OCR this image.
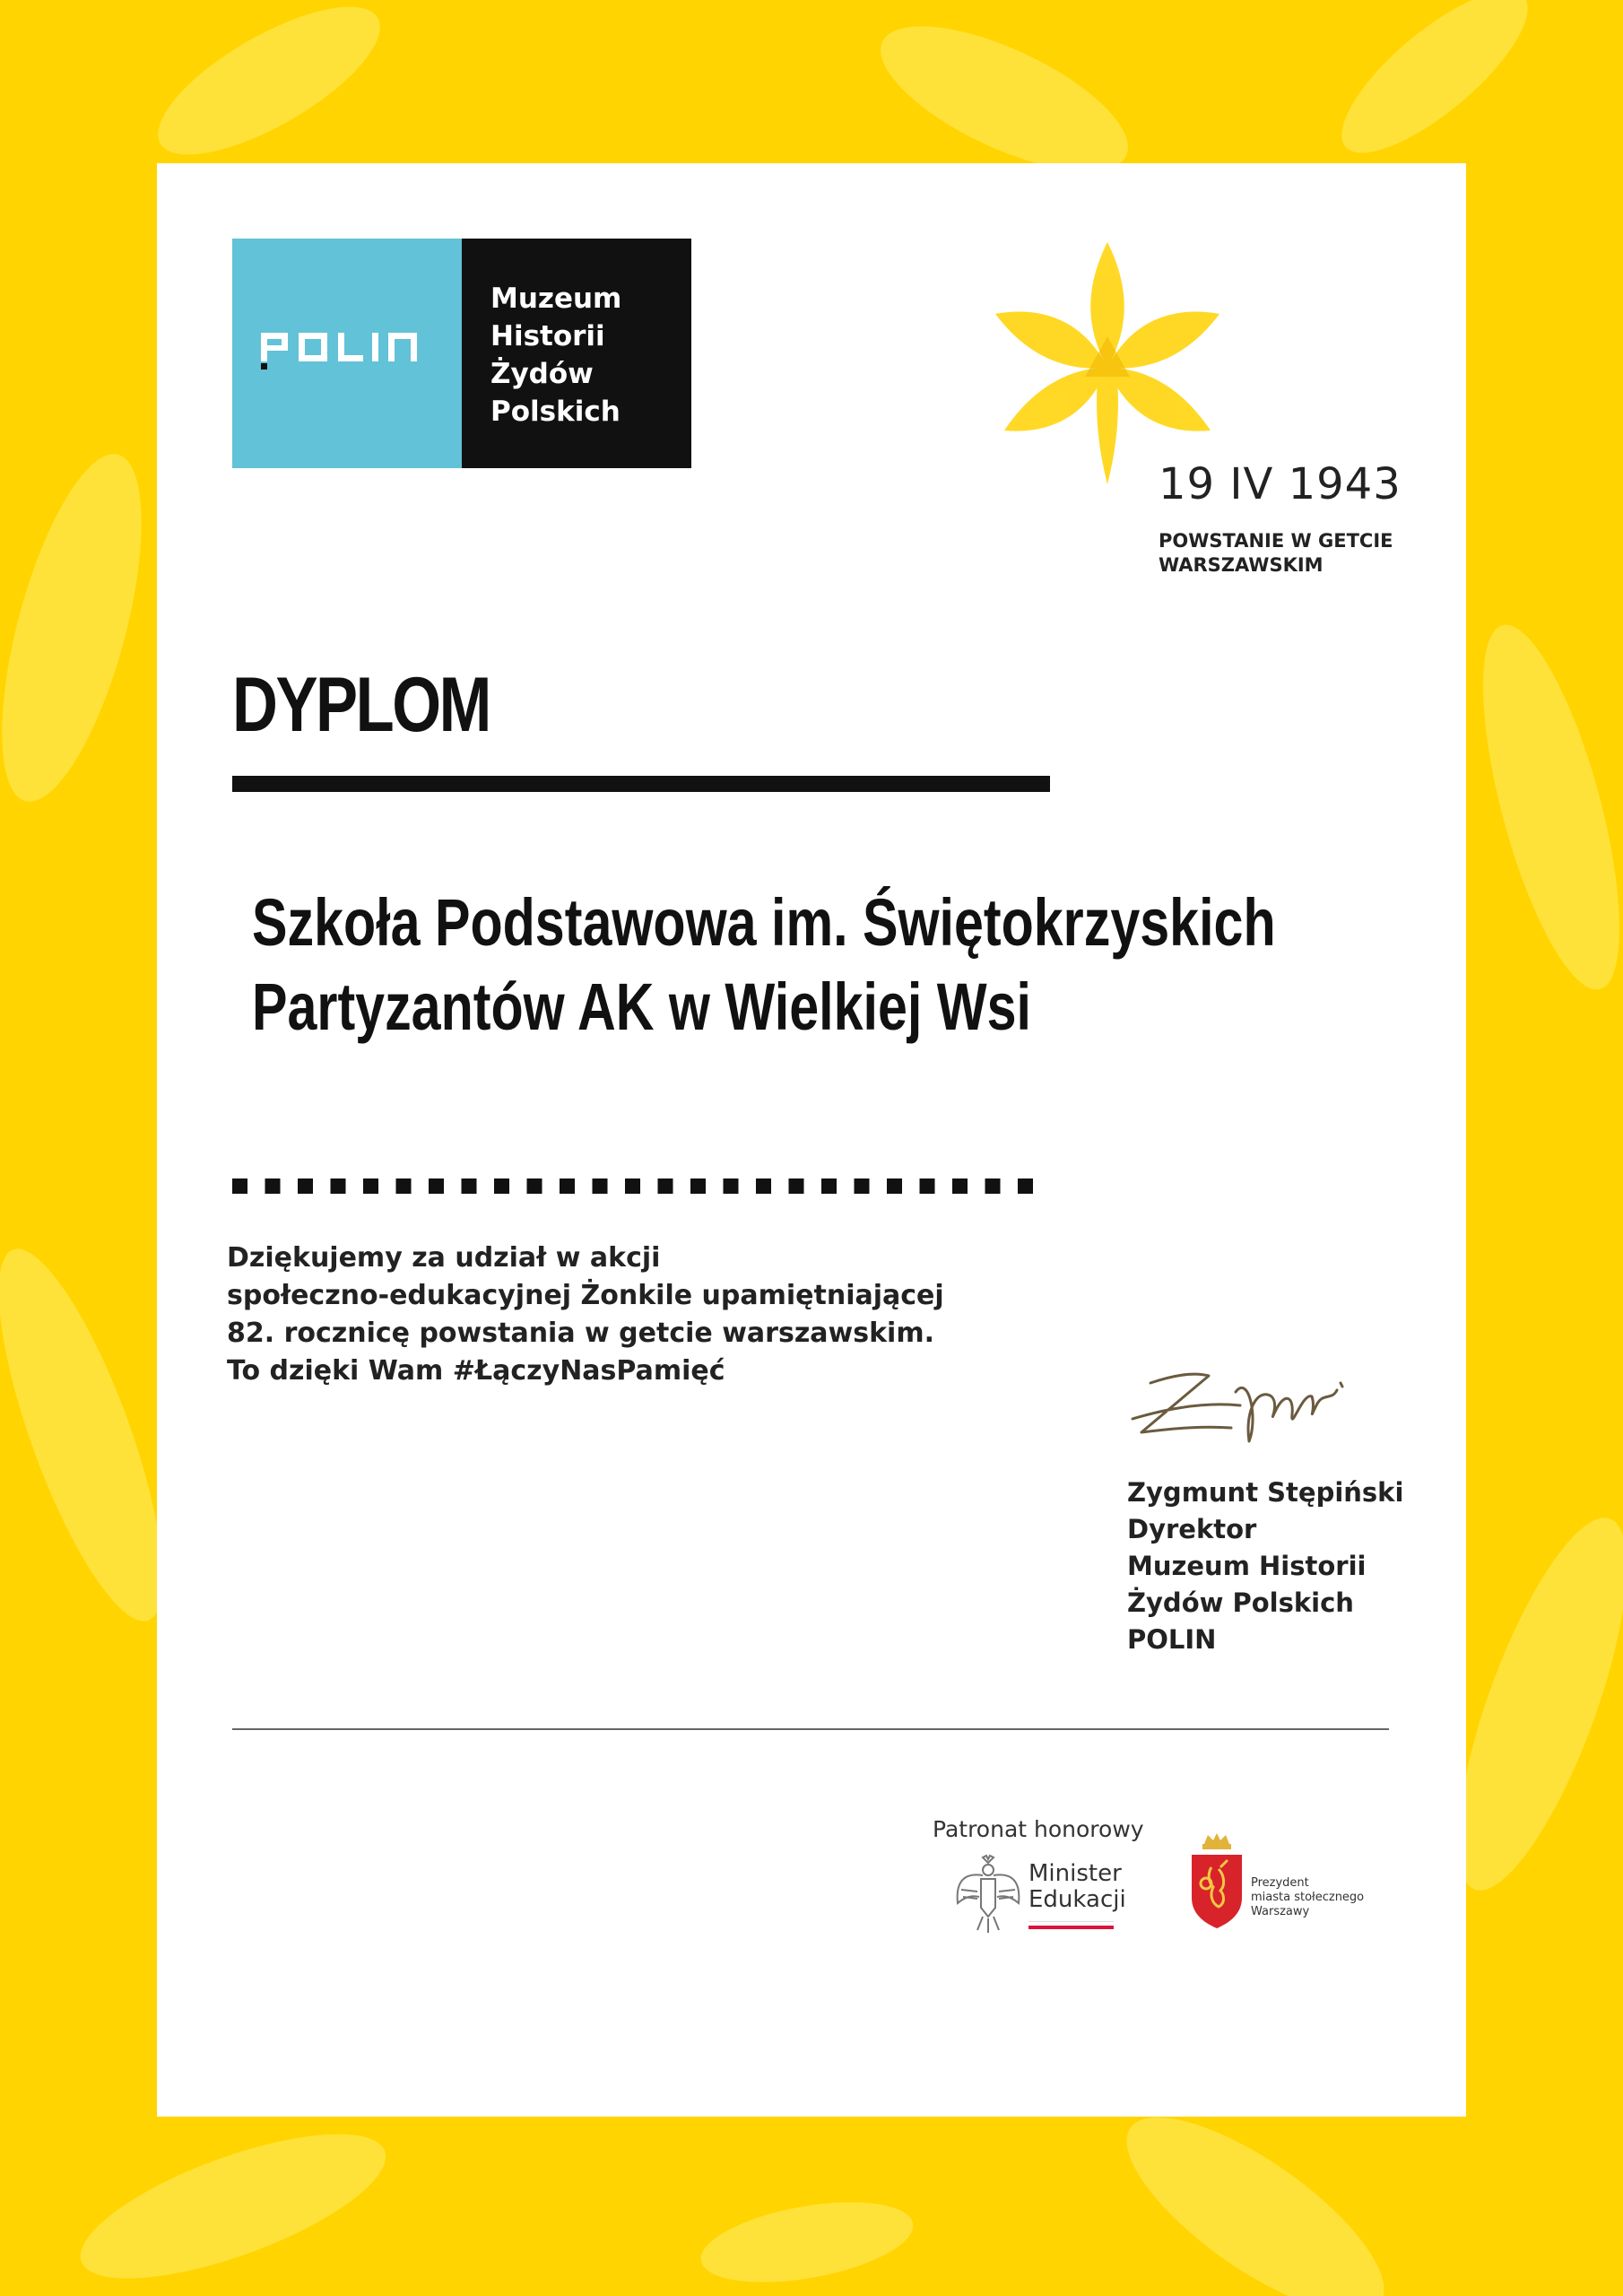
Muzeum
Historii
Żydów
Polskich
19 IV 1943
POWSTANIE W GETCIE
WARSZAWSKIM
DYPLOM
Szkoła Podstawowa im. Świętokrzyskich
Partyzantów AK w Wielkiej Wsi
Dziękujemy za udział w akcji
społeczno-edukacyjnej Żonkile upamiętniającej
82. rocznicę powstania w getcie warszawskim.
To dzięki Wam #ŁączyNasPamięć
Zygmunt Stępiński
Dyrektor
Muzeum Historii
Żydów Polskich
POLIN
Patronat honorowy
Minister
Edukacji
Prezydent
miasta stołecznego
Warszawy
